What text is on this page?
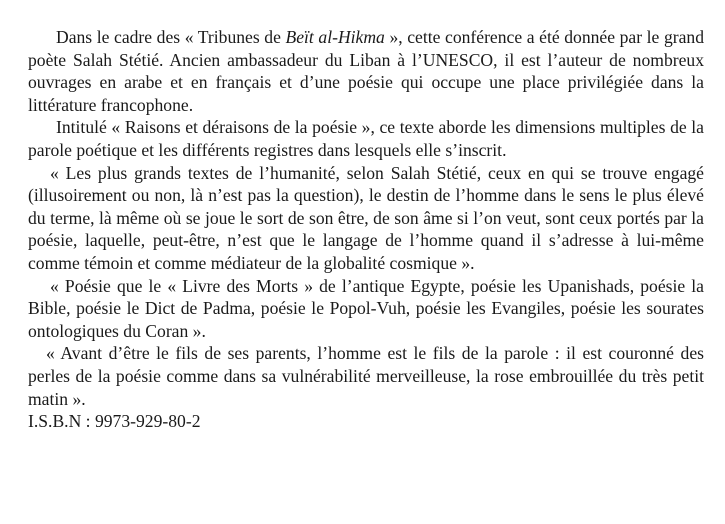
Dans le cadre des « Tribunes de Beït al-Hikma », cette conférence a été donnée par le grand poète Salah Stétié. Ancien ambassadeur du Liban à l’UNESCO, il est l’auteur de nombreux ouvrages en arabe et en français et d’une poésie qui occupe une place privilégiée dans la littérature francophone.

Intitulé « Raisons et déraisons de la poésie », ce texte aborde les dimensions multiples de la parole poétique et les différents registres dans lesquels elle s’inscrit.

« Les plus grands textes de l’humanité, selon Salah Stétié, ceux en qui se trouve engagé (illusoirement ou non, là n’est pas la question), le destin de l’homme dans le sens le plus élevé du terme, là même où se joue le sort de son être, de son âme si l’on veut, sont ceux portés par la poésie, laquelle, peut-être, n’est que le langage de l’homme quand il s’adresse à lui-même comme témoin et comme médiateur de la globalité cosmique ».

« Poésie que le « Livre des Morts » de l’antique Egypte, poésie les Upanishads, poésie la Bible, poésie le Dict de Padma, poésie le Popol-Vuh, poésie les Evangiles, poésie les sourates ontologiques du Coran ».

« Avant d’être le fils de ses parents, l’homme est le fils de la parole : il est couronné des perles de la poésie comme dans sa vulnérabilité merveilleuse, la rose embrouillée du très petit matin ».

I.S.B.N : 9973-929-80-2
